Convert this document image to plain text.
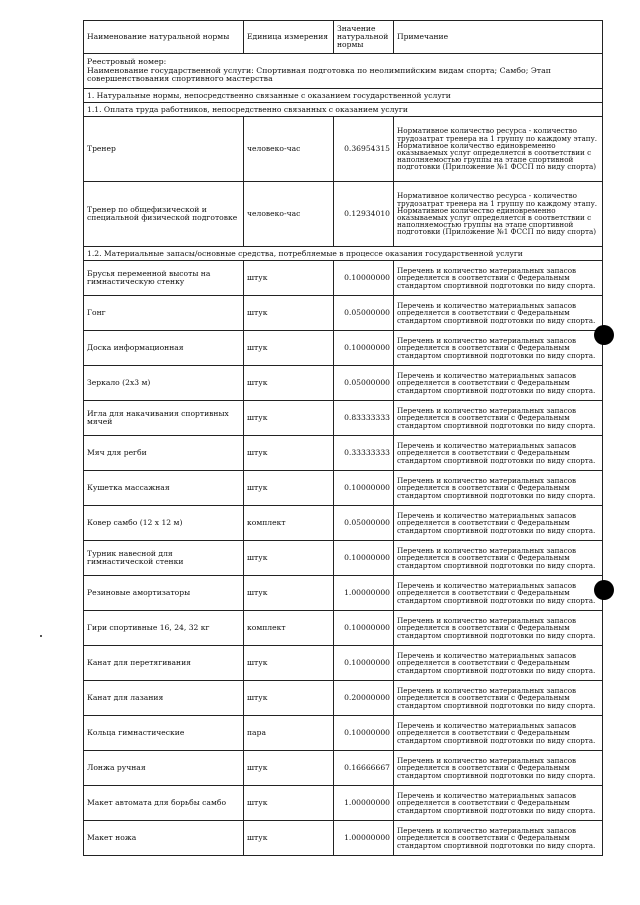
Наименование натуральной нормы	Единица измерения	Значение натуральной нормы	Примечание

Реестровый номер:
Наименование государственной услуги: Спортивная подготовка по неолимпийским видам спорта; Самбо; Этап совершенствования спортивного мастерства			

1. Натуральные нормы, непосредственно связанные с оказанием государственной услуги			
1.1. Оплата труда работников, непосредственно связанных с оказанием услуги			
Тренер	человеко-час	0.36954315	Нормативное количество ресурса - количество трудозатрат тренера на 1 группу по каждому этапу. Нормативное количество единовременно оказываемых услуг определяется в соответствии с наполняемостью группы на этапе спортивной подготовки (Приложение №1 ФССП по виду спорта)
Тренер по общефизической и специальной физической подготовке	человеко-час	0.12934010	Нормативное количество ресурса - количество трудозатрат тренера на 1 группу по каждому этапу. Нормативное количество единовременно оказываемых услуг определяется в соответствии с наполняемостью группы на этапе спортивной подготовки (Приложение №1 ФССП по виду спорта)
1.2. Материальные запасы/основные средства, потребляемые в процессе оказания государственной услуги			
Брусья переменной высоты на гимнастическую стенку	штук	0.10000000	Перечень и количество материальных запасов определяется в соответствии с Федеральным стандартом спортивной подготовки по виду спорта.
Гонг	штук	0.05000000	Перечень и количество материальных запасов определяется в соответствии с Федеральным стандартом спортивной подготовки по виду спорта.
Доска информационная	штук	0.10000000	Перечень и количество материальных запасов определяется в соответствии с Федеральным стандартом спортивной подготовки по виду спорта.
Зеркало (2x3 м)	штук	0.05000000	Перечень и количество материальных запасов определяется в соответствии с Федеральным стандартом спортивной подготовки по виду спорта.
Игла для накачивания спортивных мячей	штук	0.83333333	Перечень и количество материальных запасов определяется в соответствии с Федеральным стандартом спортивной подготовки по виду спорта.
Мяч для регби	штук	0.33333333	Перечень и количество материальных запасов определяется в соответствии с Федеральным стандартом спортивной подготовки по виду спорта.
Кушетка массажная	штук	0.10000000	Перечень и количество материальных запасов определяется в соответствии с Федеральным стандартом спортивной подготовки по виду спорта.
Ковер самбо (12 x 12 м)	комплект	0.05000000	Перечень и количество материальных запасов определяется в соответствии с Федеральным стандартом спортивной подготовки по виду спорта.
Турник навесной для гимнастической стенки	штук	0.10000000	Перечень и количество материальных запасов определяется в соответствии с Федеральным стандартом спортивной подготовки по виду спорта.
Резиновые амортизаторы	штук	1.00000000	Перечень и количество материальных запасов определяется в соответствии с Федеральным стандартом спортивной подготовки по виду спорта.
Гири спортивные 16, 24, 32 кг	комплект	0.10000000	Перечень и количество материальных запасов определяется в соответствии с Федеральным стандартом спортивной подготовки по виду спорта.
Канат для перетягивания	штук	0.10000000	Перечень и количество материальных запасов определяется в соответствии с Федеральным стандартом спортивной подготовки по виду спорта.
Канат для лазания	штук	0.20000000	Перечень и количество материальных запасов определяется в соответствии с Федеральным стандартом спортивной подготовки по виду спорта.
Кольца гимнастические	пара	0.10000000	Перечень и количество материальных запасов определяется в соответствии с Федеральным стандартом спортивной подготовки по виду спорта.
Лонжа ручная	штук	0.16666667	Перечень и количество материальных запасов определяется в соответствии с Федеральным стандартом спортивной подготовки по виду спорта.
Макет автомата для борьбы самбо	штук	1.00000000	Перечень и количество материальных запасов определяется в соответствии с Федеральным стандартом спортивной подготовки по виду спорта.
Макет ножа	штук	1.00000000	Перечень и количество материальных запасов определяется в соответствии с Федеральным стандартом спортивной подготовки по виду спорта.
